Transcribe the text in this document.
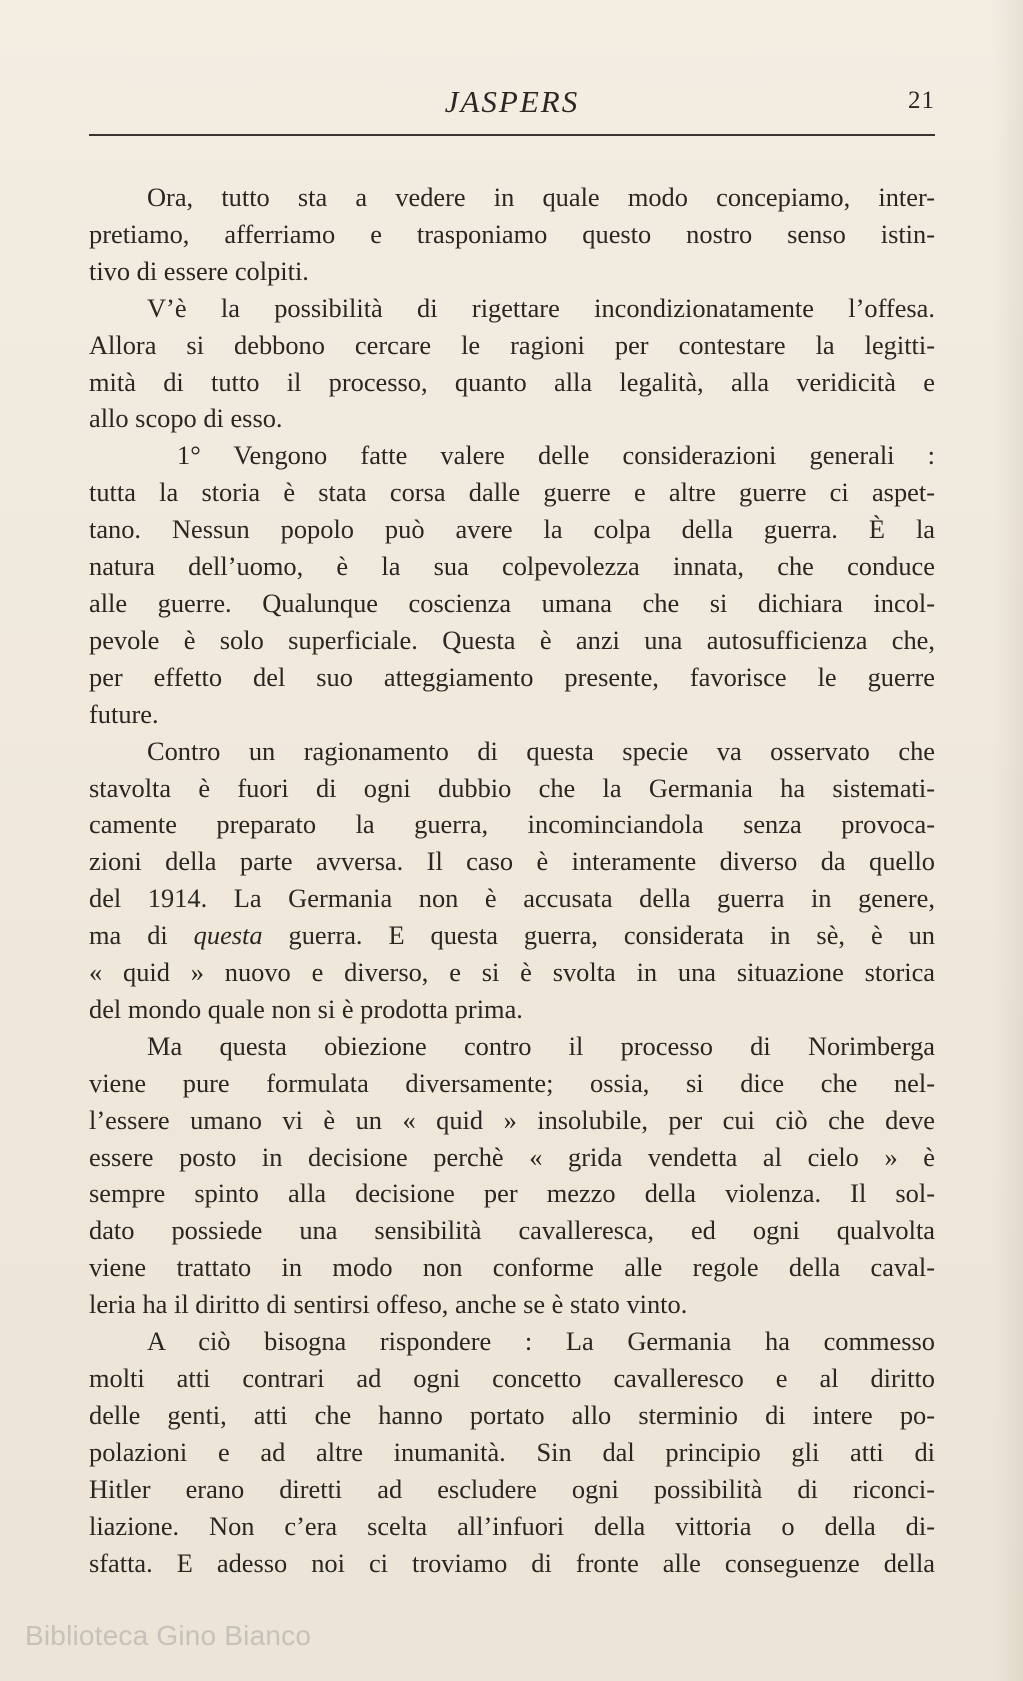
JASPERS	21
Ora, tutto sta a vedere in quale modo concepiamo, inter-
pretiamo, afferriamo e trasponiamo questo nostro senso istin-
tivo di essere colpiti.
V’è la possibilità di rigettare incondizionatamente l’offesa.
Allora si debbono cercare le ragioni per contestare la legitti-
mità di tutto il processo, quanto alla legalità, alla veridicità e
allo scopo di esso.
1° Vengono fatte valere delle considerazioni generali :
tutta la storia è stata corsa dalle guerre e altre guerre ci aspet-
tano. Nessun popolo può avere la colpa della guerra. È la
natura dell’uomo, è la sua colpevolezza innata, che conduce
alle guerre. Qualunque coscienza umana che si dichiara incol-
pevole è solo superficiale. Questa è anzi una autosufficienza che,
per effetto del suo atteggiamento presente, favorisce le guerre
future.
Contro un ragionamento di questa specie va osservato che
stavolta è fuori di ogni dubbio che la Germania ha sistemati-
camente preparato la guerra, incominciandola senza provoca-
zioni della parte avversa. Il caso è interamente diverso da quello
del 1914. La Germania non è accusata della guerra in genere,
ma di questa guerra. E questa guerra, considerata in sè, è un
« quid » nuovo e diverso, e si è svolta in una situazione storica
del mondo quale non si è prodotta prima.
Ma questa obiezione contro il processo di Norimberga
viene pure formulata diversamente; ossia, si dice che nel-
l’essere umano vi è un « quid » insolubile, per cui ciò che deve
essere posto in decisione perchè « grida vendetta al cielo » è
sempre spinto alla decisione per mezzo della violenza. Il sol-
dato possiede una sensibilità cavalleresca, ed ogni qualvolta
viene trattato in modo non conforme alle regole della caval-
leria ha il diritto di sentirsi offeso, anche se è stato vinto.
A ciò bisogna rispondere : La Germania ha commesso
molti atti contrari ad ogni concetto cavalleresco e al diritto
delle genti, atti che hanno portato allo sterminio di intere po-
polazioni e ad altre inumanità. Sin dal principio gli atti di
Hitler erano diretti ad escludere ogni possibilità di riconci-
liazione. Non c’era scelta all’infuori della vittoria o della di-
sfatta. E adesso noi ci troviamo di fronte alle conseguenze della
Biblioteca Gino Bianco
